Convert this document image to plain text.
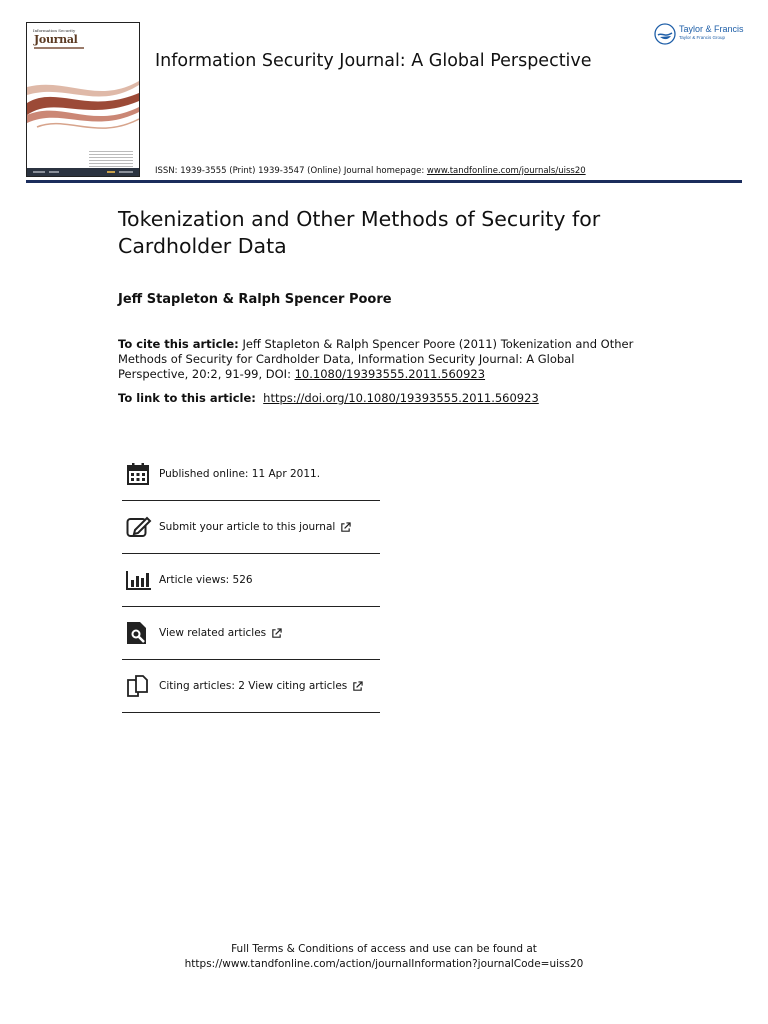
Information Security
Journal
Information Security Journal: A Global Perspective
ISSN: 1939-3555 (Print) 1939-3547 (Online) Journal homepage: www.tandfonline.com/journals/uiss20
Taylor & Francis
Taylor & Francis Group
Tokenization and Other Methods of Security for Cardholder Data
Jeff Stapleton & Ralph Spencer Poore
To cite this article: Jeff Stapleton & Ralph Spencer Poore (2011) Tokenization and Other Methods of Security for Cardholder Data, Information Security Journal: A Global Perspective, 20:2, 91-99, DOI: 10.1080/19393555.2011.560923
To link to this article: https://doi.org/10.1080/19393555.2011.560923
Published online: 11 Apr 2011.
Submit your article to this journal
Article views: 526
View related articles
Citing articles: 2 View citing articles
Full Terms & Conditions of access and use can be found at
https://www.tandfonline.com/action/journalInformation?journalCode=uiss20
